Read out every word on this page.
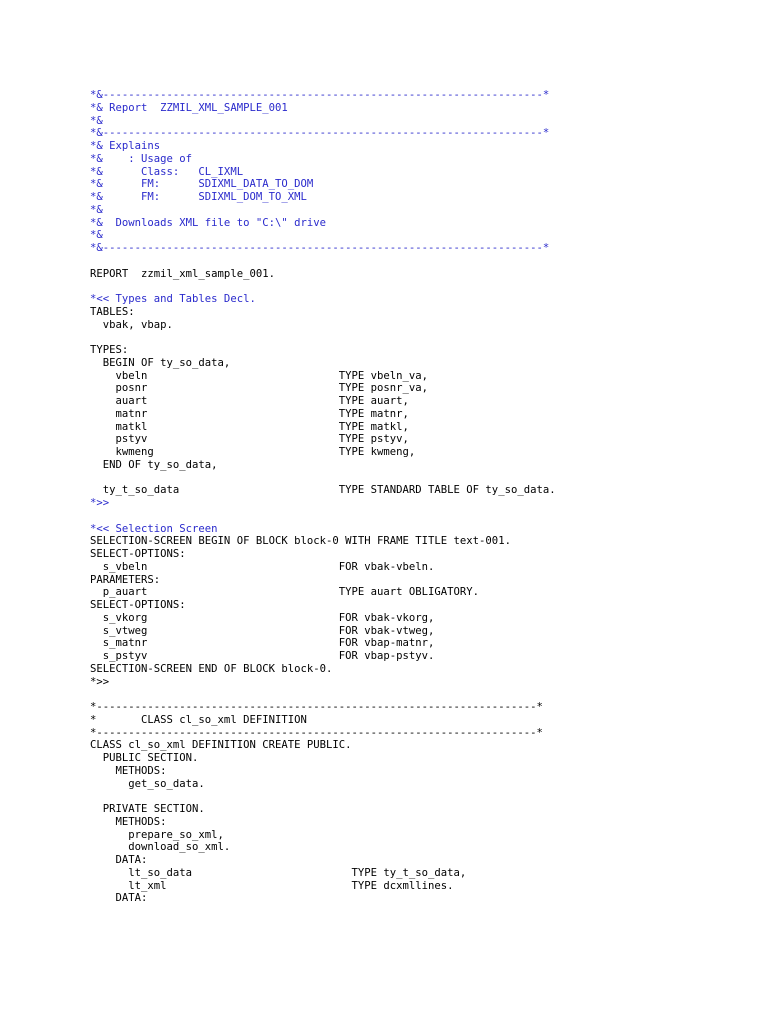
*&---------------------------------------------------------------------*
*& Report  ZZMIL_XML_SAMPLE_001
*&
*&---------------------------------------------------------------------*
*& Explains
*&    : Usage of
*&      Class:   CL_IXML
*&      FM:      SDIXML_DATA_TO_DOM
*&      FM:      SDIXML_DOM_TO_XML
*&
*&  Downloads XML file to "C:\" drive
*&
*&---------------------------------------------------------------------*
REPORT  zzmil_xml_sample_001.
*<< Types and Tables Decl.
TABLES:
vbak, vbap.
TYPES:
BEGIN OF ty_so_data,
vbeln                              TYPE vbeln_va,
posnr                              TYPE posnr_va,
auart                              TYPE auart,
matnr                              TYPE matnr,
matkl                              TYPE matkl,
pstyv                              TYPE pstyv,
kwmeng                             TYPE kwmeng,
END OF ty_so_data,
ty_t_so_data                         TYPE STANDARD TABLE OF ty_so_data.
*>>
*<< Selection Screen
SELECTION-SCREEN BEGIN OF BLOCK block-0 WITH FRAME TITLE text-001.
SELECT-OPTIONS:
s_vbeln                              FOR vbak-vbeln.
PARAMETERS:
p_auart                              TYPE auart OBLIGATORY.
SELECT-OPTIONS:
s_vkorg                              FOR vbak-vkorg,
s_vtweg                              FOR vbak-vtweg,
s_matnr                              FOR vbap-matnr,
s_pstyv                              FOR vbap-pstyv.
SELECTION-SCREEN END OF BLOCK block-0.
*>>
*---------------------------------------------------------------------*
*       CLASS cl_so_xml DEFINITION
*---------------------------------------------------------------------*
CLASS cl_so_xml DEFINITION CREATE PUBLIC.
PUBLIC SECTION.
METHODS:
get_so_data.
PRIVATE SECTION.
METHODS:
prepare_so_xml,
download_so_xml.
DATA:
lt_so_data                         TYPE ty_t_so_data,
lt_xml                             TYPE dcxmllines.
DATA:
